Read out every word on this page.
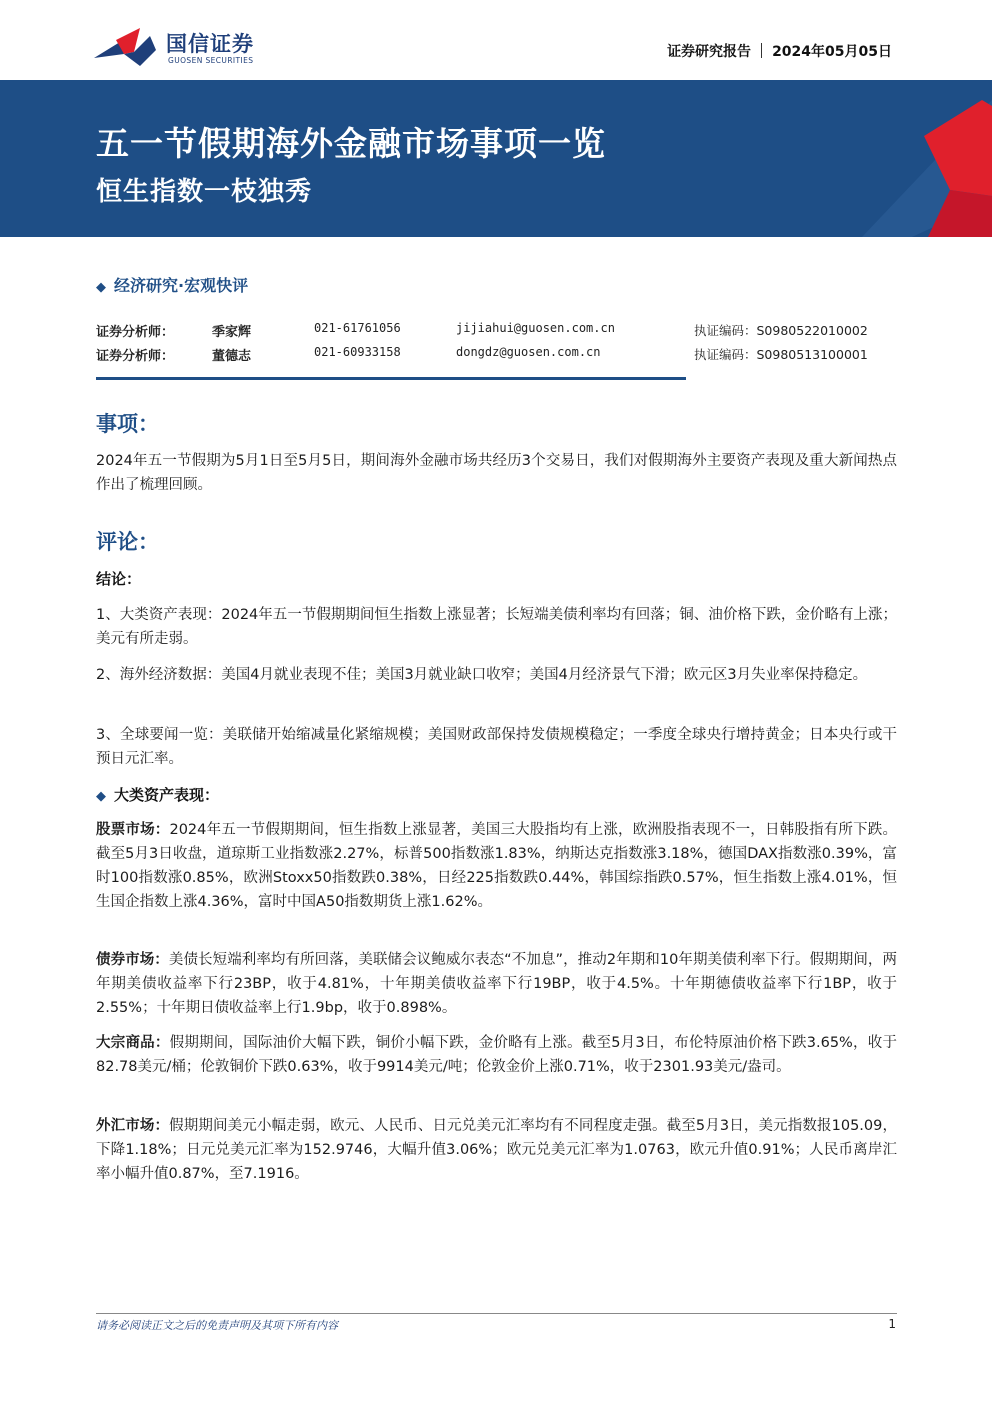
国信证券
GUOSEN SECURITIES
证券研究报告 2024年05月05日
五一节假期海外金融市场事项一览
恒生指数一枝独秀
◆ 经济研究·宏观快评
证券分析师：	季家辉	021-61761056	jijiahui@guosen.com.cn	执证编码：S0980522010002
证券分析师：	董德志	021-60933158	dongdz@guosen.com.cn	执证编码：S0980513100001
事项：

2024年五一节假期为5月1日至5月5日，期间海外金融市场共经历3个交易日，我们对假期海外主要资产表现及重大新闻热点作出了梳理回顾。

评论：

结论：

1、大类资产表现：2024年五一节假期期间恒生指数上涨显著；长短端美债利率均有回落；铜、油价格下跌，金价略有上涨；美元有所走弱。

2、海外经济数据：美国4月就业表现不佳；美国3月就业缺口收窄；美国4月经济景气下滑；欧元区3月失业率保持稳定。

3、全球要闻一览：美联储开始缩减量化紧缩规模；美国财政部保持发债规模稳定；一季度全球央行增持黄金；日本央行或干预日元汇率。

◆ 大类资产表现：

股票市场：2024年五一节假期期间，恒生指数上涨显著，美国三大股指均有上涨，欧洲股指表现不一，日韩股指有所下跌。截至5月3日收盘，道琼斯工业指数涨2.27%，标普500指数涨1.83%，纳斯达克指数涨3.18%，德国DAX指数涨0.39%，富时100指数涨0.85%，欧洲Stoxx50指数跌0.38%，日经225指数跌0.44%，韩国综指跌0.57%，恒生指数上涨4.01%，恒生国企指数上涨4.36%，富时中国A50指数期货上涨1.62%。

债券市场：美债长短端利率均有所回落，美联储会议鲍威尔表态“不加息”，推动2年期和10年期美债利率下行。假期期间，两年期美债收益率下行23BP，收于4.81%，十年期美债收益率下行19BP，收于4.5%。十年期德债收益率下行1BP，收于2.55%；十年期日债收益率上行1.9bp，收于0.898%。

大宗商品：假期期间，国际油价大幅下跌，铜价小幅下跌，金价略有上涨。截至5月3日，布伦特原油价格下跌3.65%，收于82.78美元/桶；伦敦铜价下跌0.63%，收于9914美元/吨；伦敦金价上涨0.71%，收于2301.93美元/盎司。

外汇市场：假期期间美元小幅走弱，欧元、人民币、日元兑美元汇率均有不同程度走强。截至5月3日，美元指数报105.09，下降1.18%；日元兑美元汇率为152.9746，大幅升值3.06%；欧元兑美元汇率为1.0763，欧元升值0.91%；人民币离岸汇率小幅升值0.87%，至7.1916。

请务必阅读正文之后的免责声明及其项下所有内容	1
